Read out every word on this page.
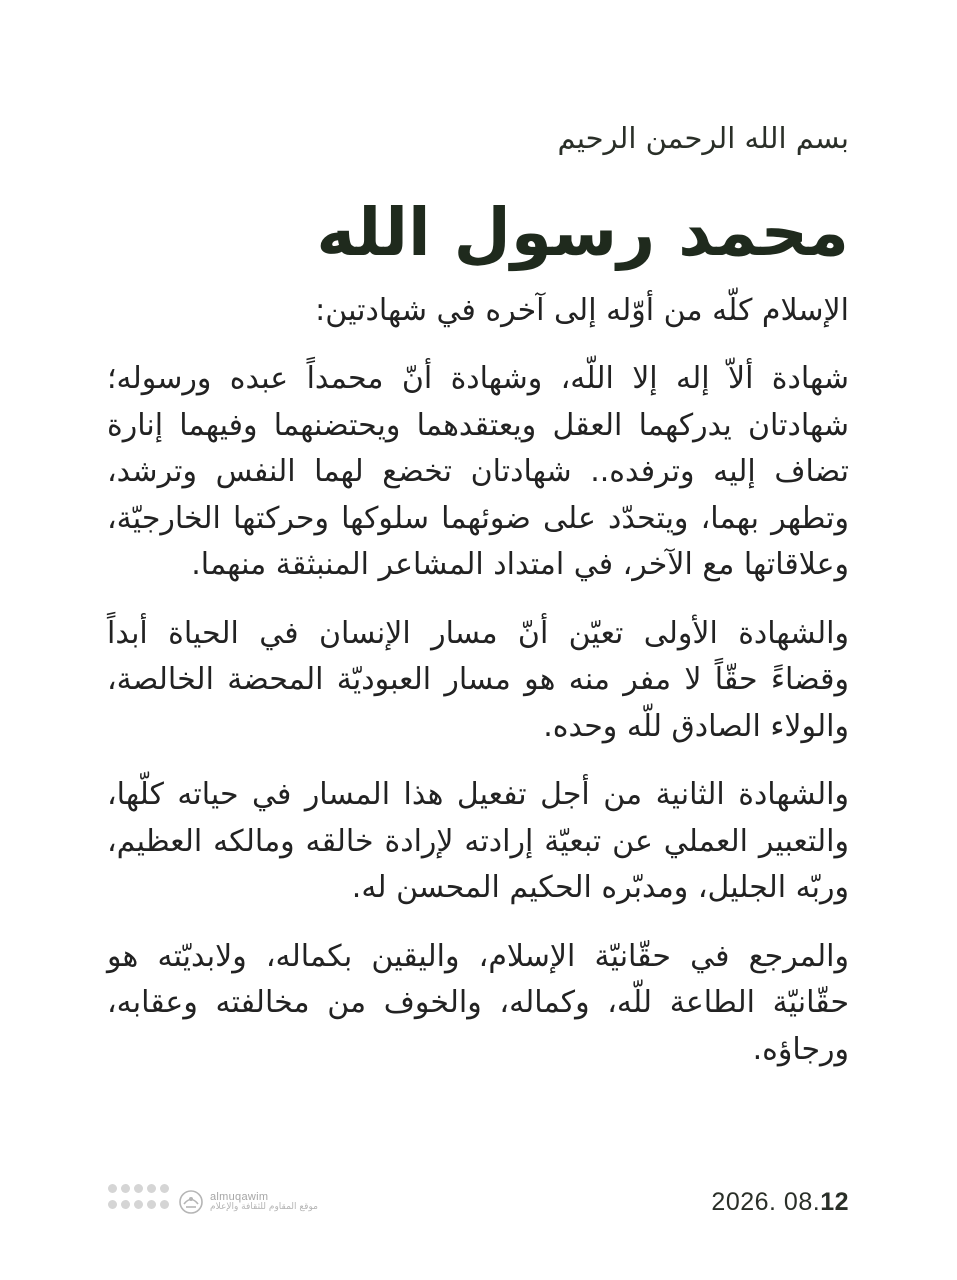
بسم الله الرحمن الرحيم
محمد رسول الله
الإسلام كلّه من أوّله إلى آخره في شهادتين:

شهادة ألاّ إله إلا اللّه، وشهادة أنّ محمداً عبده ورسوله؛ شهادتان يدركهما العقل ويعتقدهما ويحتضنهما وفيهما إنارة تضاف إليه وترفده.. شهادتان تخضع لهما النفس وترشد، وتطهر بهما، ويتحدّد على ضوئهما سلوكها وحركتها الخارجيّة، وعلاقاتها مع الآخر، في امتداد المشاعر المنبثقة منهما.

والشهادة الأولى تعيّن أنّ مسار الإنسان في الحياة أبداً وقضاءً حقّاً لا مفر منه هو مسار العبوديّة المحضة الخالصة، والولاء الصادق للّه وحده.

والشهادة الثانية من أجل تفعيل هذا المسار في حياته كلّها، والتعبير العملي عن تبعيّة إرادته لإرادة خالقه ومالكه العظيم، وربّه الجليل، ومدبّره الحكيم المحسن له.

والمرجع في حقّانيّة الإسلام، واليقين بكماله، ولابديّته هو حقّانيّة الطاعة للّه، وكماله، والخوف من مخالفته وعقابه، ورجاؤه.

almuqawim
موقع المقاوم للثقافة والإعلام	2026. 08.12
